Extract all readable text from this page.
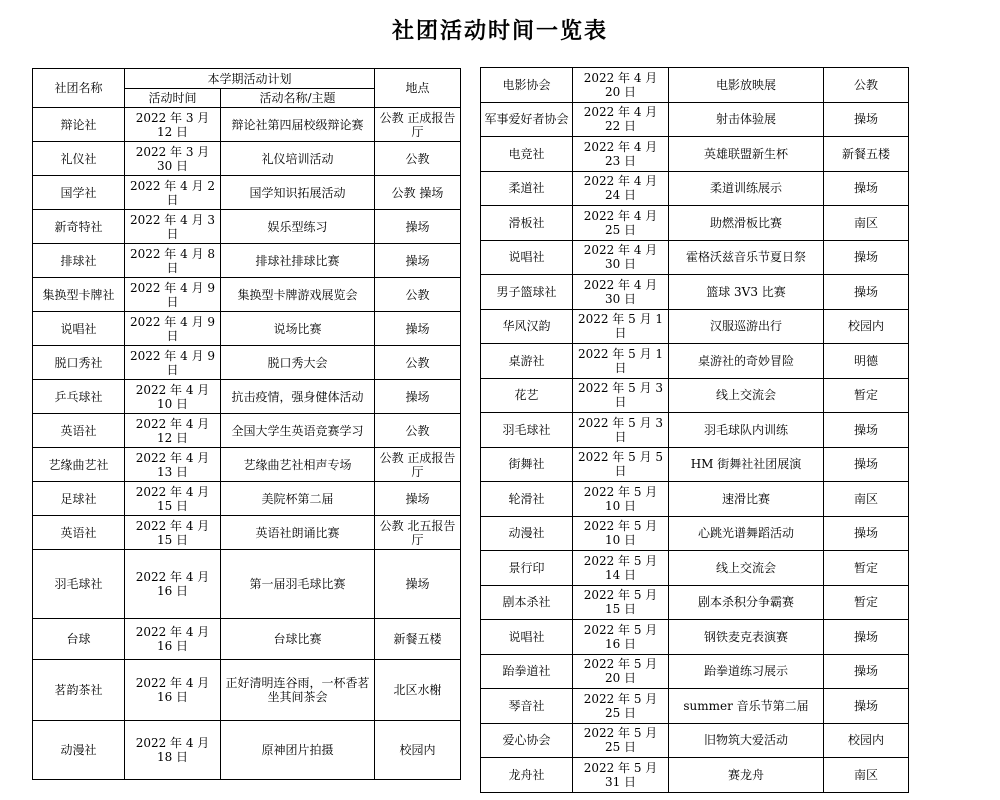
社团活动时间一览表
社团名称	本学期活动计划		地点
	活动时间	活动名称/主题	
辩论社	2022 年 3 月 12 日	辩论社第四届校级辩论赛	公教 正成报告厅
礼仪社	2022 年 3 月 30 日	礼仪培训活动	公教
国学社	2022 年 4 月 2 日	国学知识拓展活动	公教 操场
新奇特社	2022 年 4 月 3 日	娱乐型练习	操场
排球社	2022 年 4 月 8 日	排球社排球比赛	操场
集换型卡牌社	2022 年 4 月 9 日	集换型卡牌游戏展览会	公教
说唱社	2022 年 4 月 9 日	说场比赛	操场
脱口秀社	2022 年 4 月 9 日	脱口秀大会	公教
乒乓球社	2022 年 4 月 10 日	抗击疫情，强身健体活动	操场
英语社	2022 年 4 月 12 日	全国大学生英语竞赛学习	公教
艺缘曲艺社	2022 年 4 月 13 日	艺缘曲艺社相声专场	公教 正成报告厅
足球社	2022 年 4 月 15 日	美院杯第二届	操场
英语社	2022 年 4 月 15 日	英语社朗诵比赛	公教 北五报告厅
羽毛球社	2022 年 4 月 16 日	第一届羽毛球比赛	操场
台球	2022 年 4 月 16 日	台球比赛	新餐五楼
茗韵茶社	2022 年 4 月 16 日	正好清明连谷雨，一杯香茗坐其间茶会	北区水榭
动漫社	2022 年 4 月 18 日	原神团片拍摄	校园内
电影协会	2022 年 4 月 20 日	电影放映展	公教
军事爱好者协会	2022 年 4 月 22 日	射击体验展	操场
电竞社	2022 年 4 月 23 日	英雄联盟新生杯	新餐五楼
柔道社	2022 年 4 月 24 日	柔道训练展示	操场
滑板社	2022 年 4 月 25 日	助燃滑板比赛	南区
说唱社	2022 年 4 月 30 日	霍格沃兹音乐节夏日祭	操场
男子篮球社	2022 年 4 月 30 日	篮球 3V3 比赛	操场
华风汉韵	2022 年 5 月 1 日	汉服巡游出行	校园内
桌游社	2022 年 5 月 1 日	桌游社的奇妙冒险	明德
花艺	2022 年 5 月 3 日	线上交流会	暂定
羽毛球社	2022 年 5 月 3 日	羽毛球队内训练	操场
街舞社	2022 年 5 月 5 日	HM 街舞社社团展演	操场
轮滑社	2022 年 5 月 10 日	速滑比赛	南区
动漫社	2022 年 5 月 10 日	心跳光谱舞蹈活动	操场
景行印	2022 年 5 月 14 日	线上交流会	暂定
剧本杀社	2022 年 5 月 15 日	剧本杀积分争霸赛	暂定
说唱社	2022 年 5 月 16 日	钢铁麦克表演赛	操场
跆拳道社	2022 年 5 月 20 日	跆拳道练习展示	操场
琴音社	2022 年 5 月 25 日	summer 音乐节第二届	操场
爱心协会	2022 年 5 月 25 日	旧物筑大爱活动	校园内
龙舟社	2022 年 5 月 31 日	赛龙舟	南区
